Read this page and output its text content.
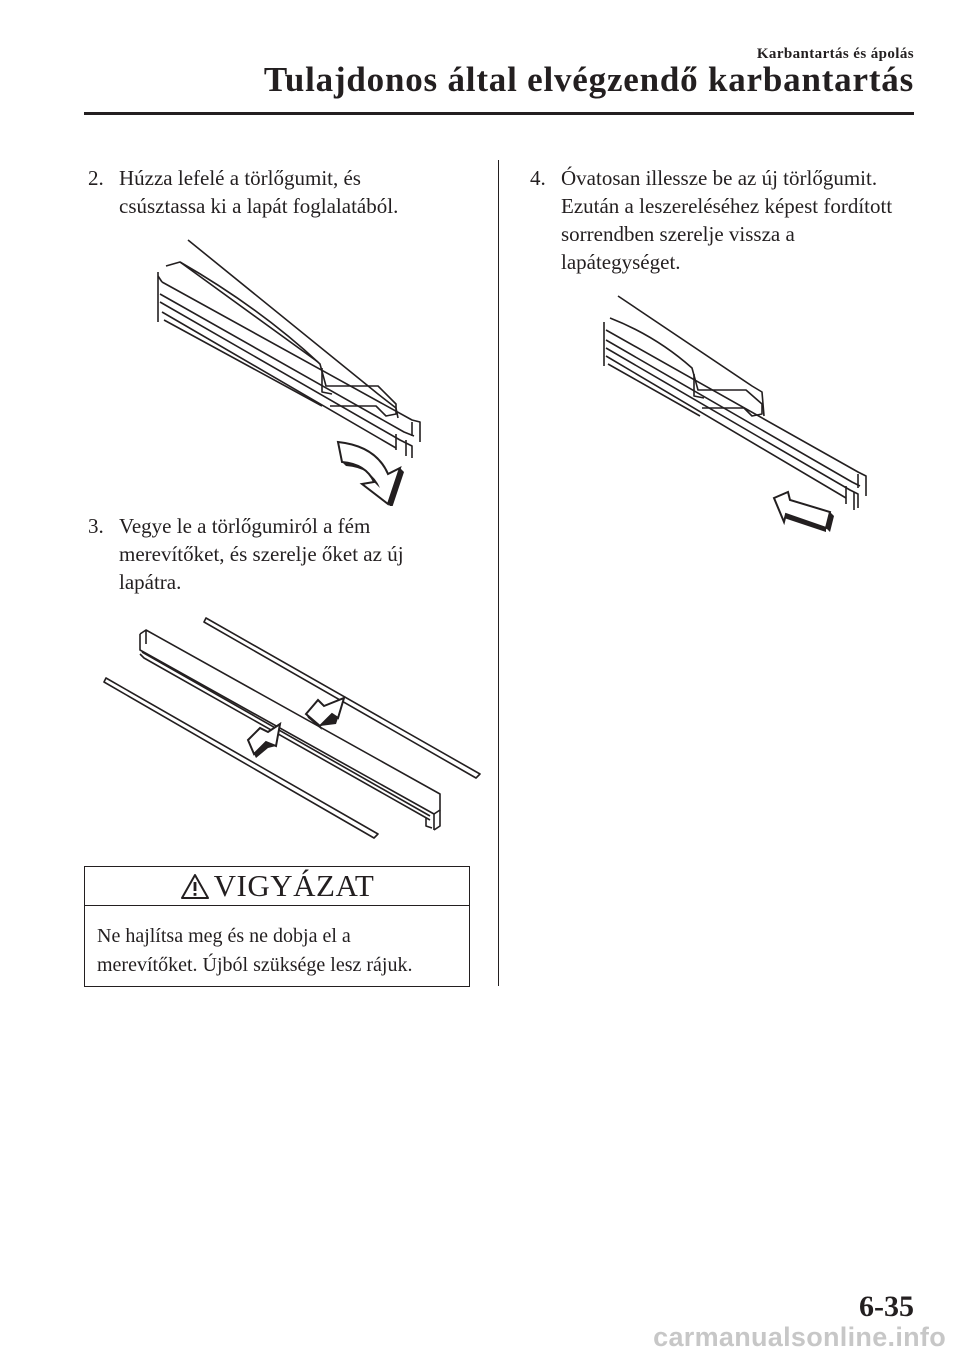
Karbantartás és ápolás
Tulajdonos által elvégzendő karbantartás
2. Húzza lefelé a törlőgumit, és
csúsztassa ki a lapát foglalatából.
3. Vegye le a törlőgumiról a fém
merevítőket, és szerelje őket az új
lapátra.
VIGYÁZAT
Ne hajlítsa meg és ne dobja el a
merevítőket. Újból szüksége lesz rájuk.
4. Óvatosan illessze be az új törlőgumit.
Ezután a leszereléséhez képest fordított
sorrendben szerelje vissza a
lapátegységet.
6-35
carmanualsonline.info
